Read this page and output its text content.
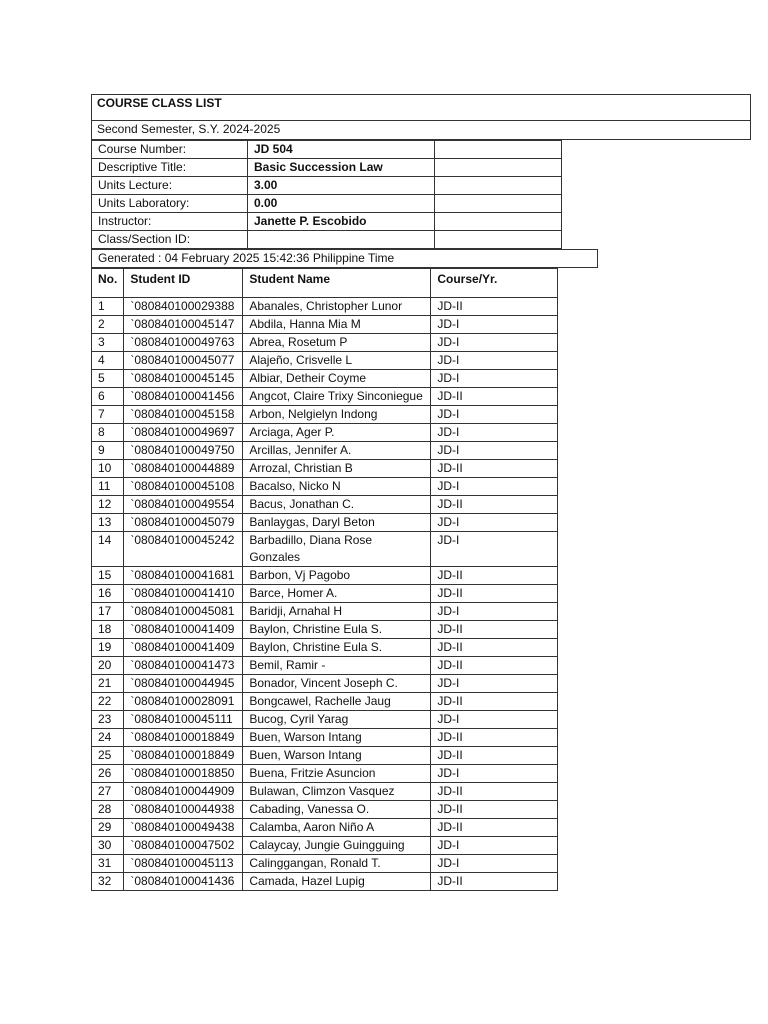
COURSE CLASS LIST
Second Semester, S.Y. 2024-2025
Course Number:	JD 504	
Descriptive Title:	Basic Succession Law	
Units Lecture:	3.00	
Units Laboratory:	0.00	
Instructor:	Janette P. Escobido	
Class/Section ID:		
Generated : 04 February 2025 15:42:36 Philippine Time
No.	Student ID	Student Name	Course/Yr.
1	`080840100029388	Abanales, Christopher Lunor	JD-II
2	`080840100045147	Abdila, Hanna Mia M	JD-I
3	`080840100049763	Abrea, Rosetum P	JD-I
4	`080840100045077	Alajeño, Crisvelle L	JD-I
5	`080840100045145	Albiar, Detheir Coyme	JD-I
6	`080840100041456	Angcot, Claire Trixy Sinconiegue	JD-II
7	`080840100045158	Arbon, Nelgielyn Indong	JD-I
8	`080840100049697	Arciaga, Ager P.	JD-I
9	`080840100049750	Arcillas, Jennifer A.	JD-I
10	`080840100044889	Arrozal, Christian B	JD-II
11	`080840100045108	Bacalso, Nicko N	JD-I
12	`080840100049554	Bacus, Jonathan C.	JD-II
13	`080840100045079	Banlaygas, Daryl Beton	JD-I
14	`080840100045242	Barbadillo, Diana Rose Gonzales	JD-I
15	`080840100041681	Barbon, Vj Pagobo	JD-II
16	`080840100041410	Barce, Homer A.	JD-II
17	`080840100045081	Baridji, Arnahal H	JD-I
18	`080840100041409	Baylon, Christine Eula S.	JD-II
19	`080840100041409	Baylon, Christine Eula S.	JD-II
20	`080840100041473	Bemil, Ramir -	JD-II
21	`080840100044945	Bonador, Vincent Joseph C.	JD-I
22	`080840100028091	Bongcawel, Rachelle Jaug	JD-II
23	`080840100045111	Bucog, Cyril Yarag	JD-I
24	`080840100018849	Buen, Warson Intang	JD-II
25	`080840100018849	Buen, Warson Intang	JD-II
26	`080840100018850	Buena, Fritzie Asuncion	JD-I
27	`080840100044909	Bulawan, Climzon Vasquez	JD-II
28	`080840100044938	Cabading, Vanessa O.	JD-II
29	`080840100049438	Calamba, Aaron Niño A	JD-II
30	`080840100047502	Calaycay, Jungie Guingguing	JD-I
31	`080840100045113	Calinggangan, Ronald T.	JD-I
32	`080840100041436	Camada, Hazel Lupig	JD-II
